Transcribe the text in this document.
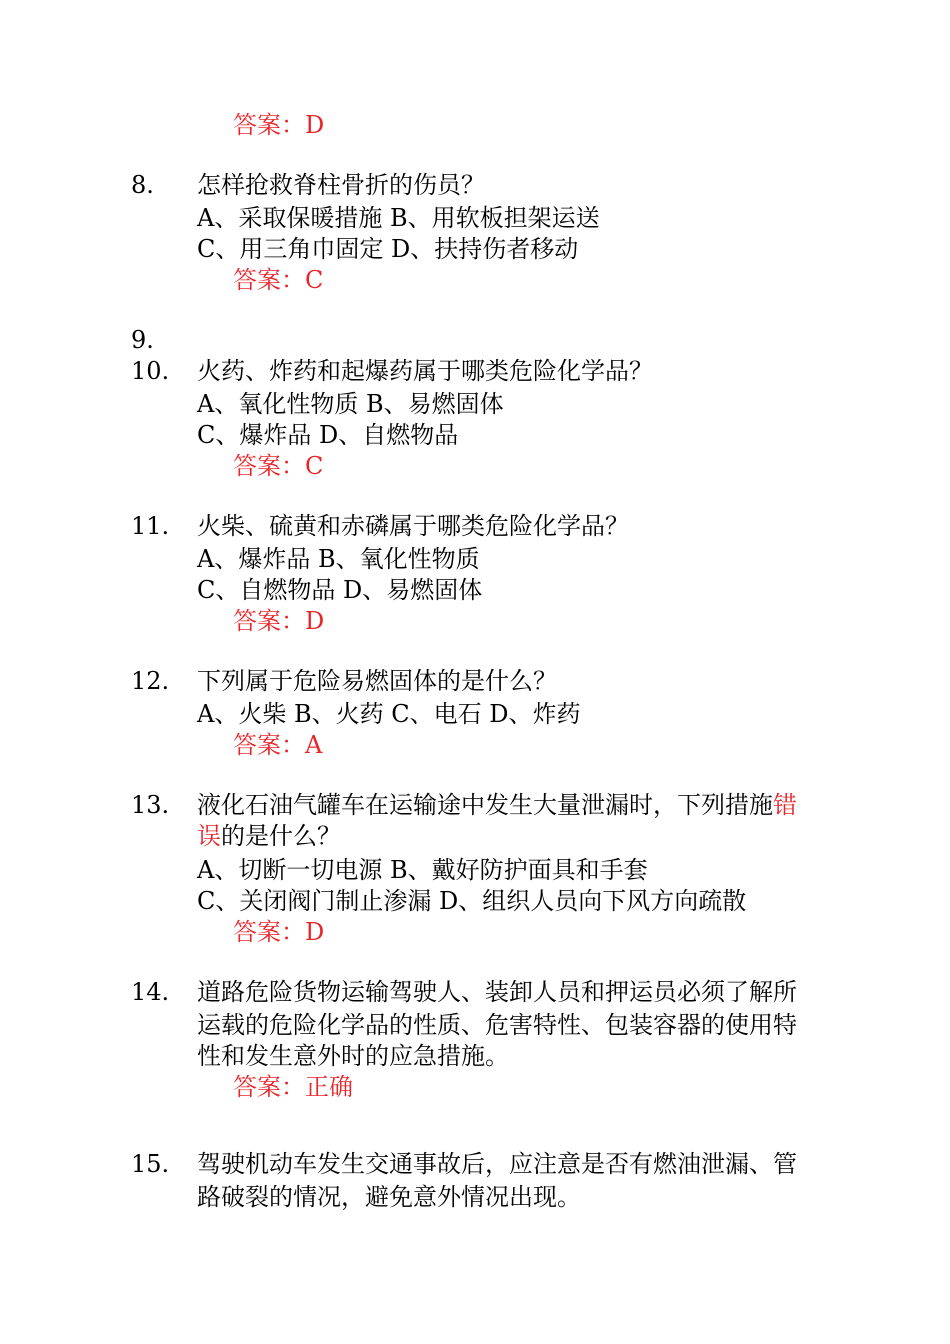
答案：D
8. 怎样抢救脊柱骨折的伤员？
A、采取保暖措施 B、用软板担架运送
C、用三角巾固定 D、扶持伤者移动
答案：C
9.
10. 火药、炸药和起爆药属于哪类危险化学品？
A、氧化性物质 B、易燃固体
C、爆炸品 D、自燃物品
答案：C
11. 火柴、硫黄和赤磷属于哪类危险化学品？
A、爆炸品 B、氧化性物质
C、自燃物品 D、易燃固体
答案：D
12. 下列属于危险易燃固体的是什么？
A、火柴 B、火药 C、电石 D、炸药
答案：A
13. 液化石油气罐车在运输途中发生大量泄漏时，下列措施错
误的是什么？
A、切断一切电源 B、戴好防护面具和手套
C、关闭阀门制止渗漏 D、组织人员向下风方向疏散
答案：D
14. 道路危险货物运输驾驶人、装卸人员和押运员必须了解所
运载的危险化学品的性质、危害特性、包装容器的使用特
性和发生意外时的应急措施。
答案：正确
15. 驾驶机动车发生交通事故后，应注意是否有燃油泄漏、管
路破裂的情况，避免意外情况出现。
